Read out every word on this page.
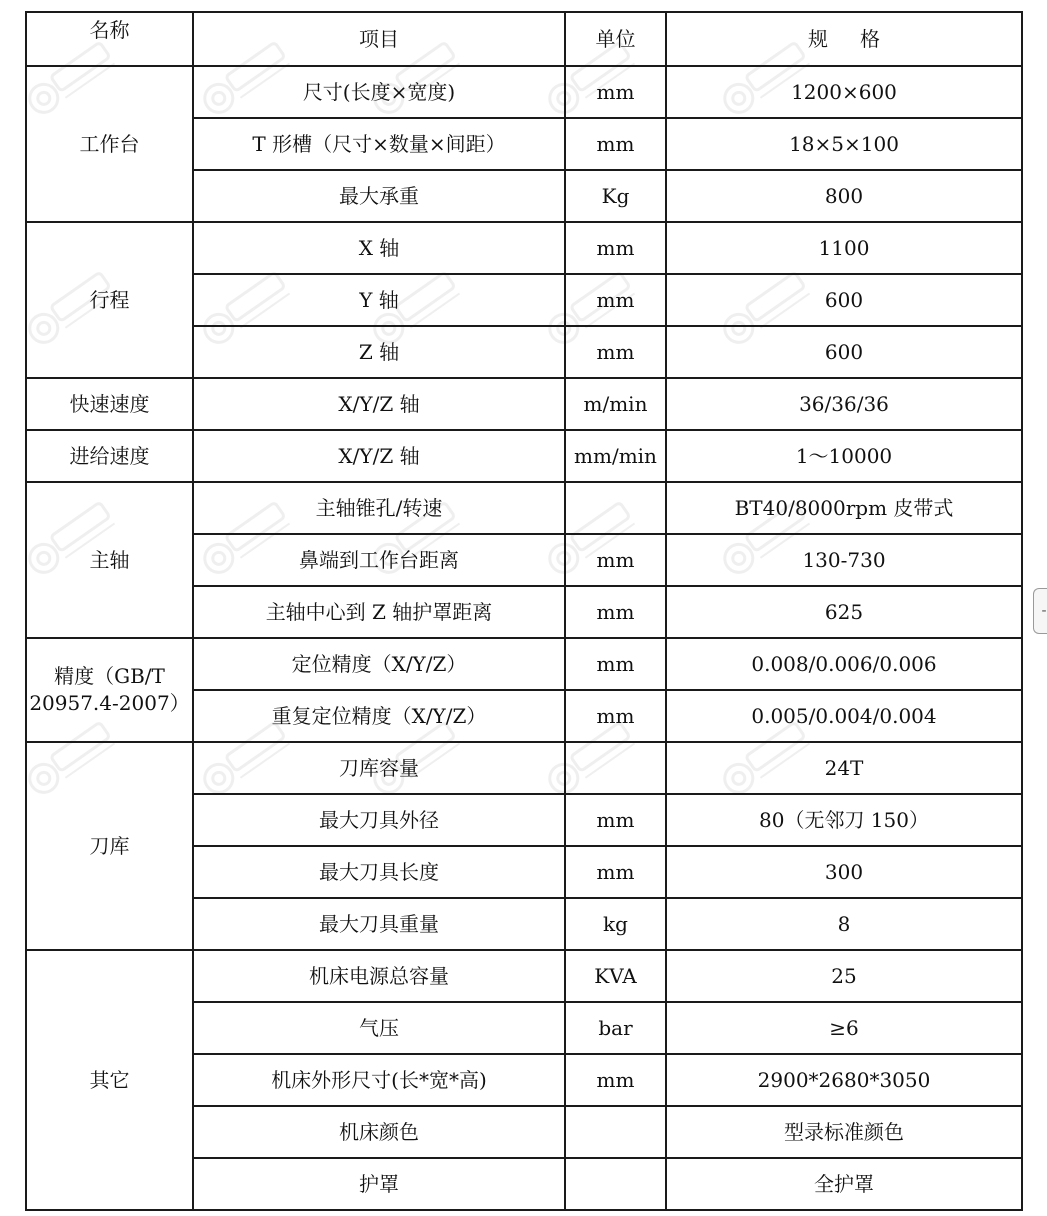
名称	项目	单位	规 格
工作台	尺寸(长度×宽度)	mm	1200×600
	T 形槽（尺寸×数量×间距）	mm	18×5×100
	最大承重	Kg	800
行程	X 轴	mm	1100
	Y 轴	mm	600
	Z 轴	mm	600
快速速度	X/Y/Z 轴	m/min	36/36/36
进给速度	X/Y/Z 轴	mm/min	1～10000
主轴	主轴锥孔/转速		BT40/8000rpm 皮带式
	鼻端到工作台距离	mm	130-730
	主轴中心到 Z 轴护罩距离	mm	625
精度（GB/T 20957.4-2007）	定位精度（X/Y/Z）	mm	0.008/0.006/0.006
	重复定位精度（X/Y/Z）	mm	0.005/0.004/0.004
刀库	刀库容量		24T
	最大刀具外径	mm	80（无邻刀 150）
	最大刀具长度	mm	300
	最大刀具重量	kg	8
其它	机床电源总容量	KVA	25
	气压	bar	≥6
	机床外形尺寸(长*宽*高)	mm	2900*2680*3050
	机床颜色		型录标准颜色
	护罩		全护罩
-
